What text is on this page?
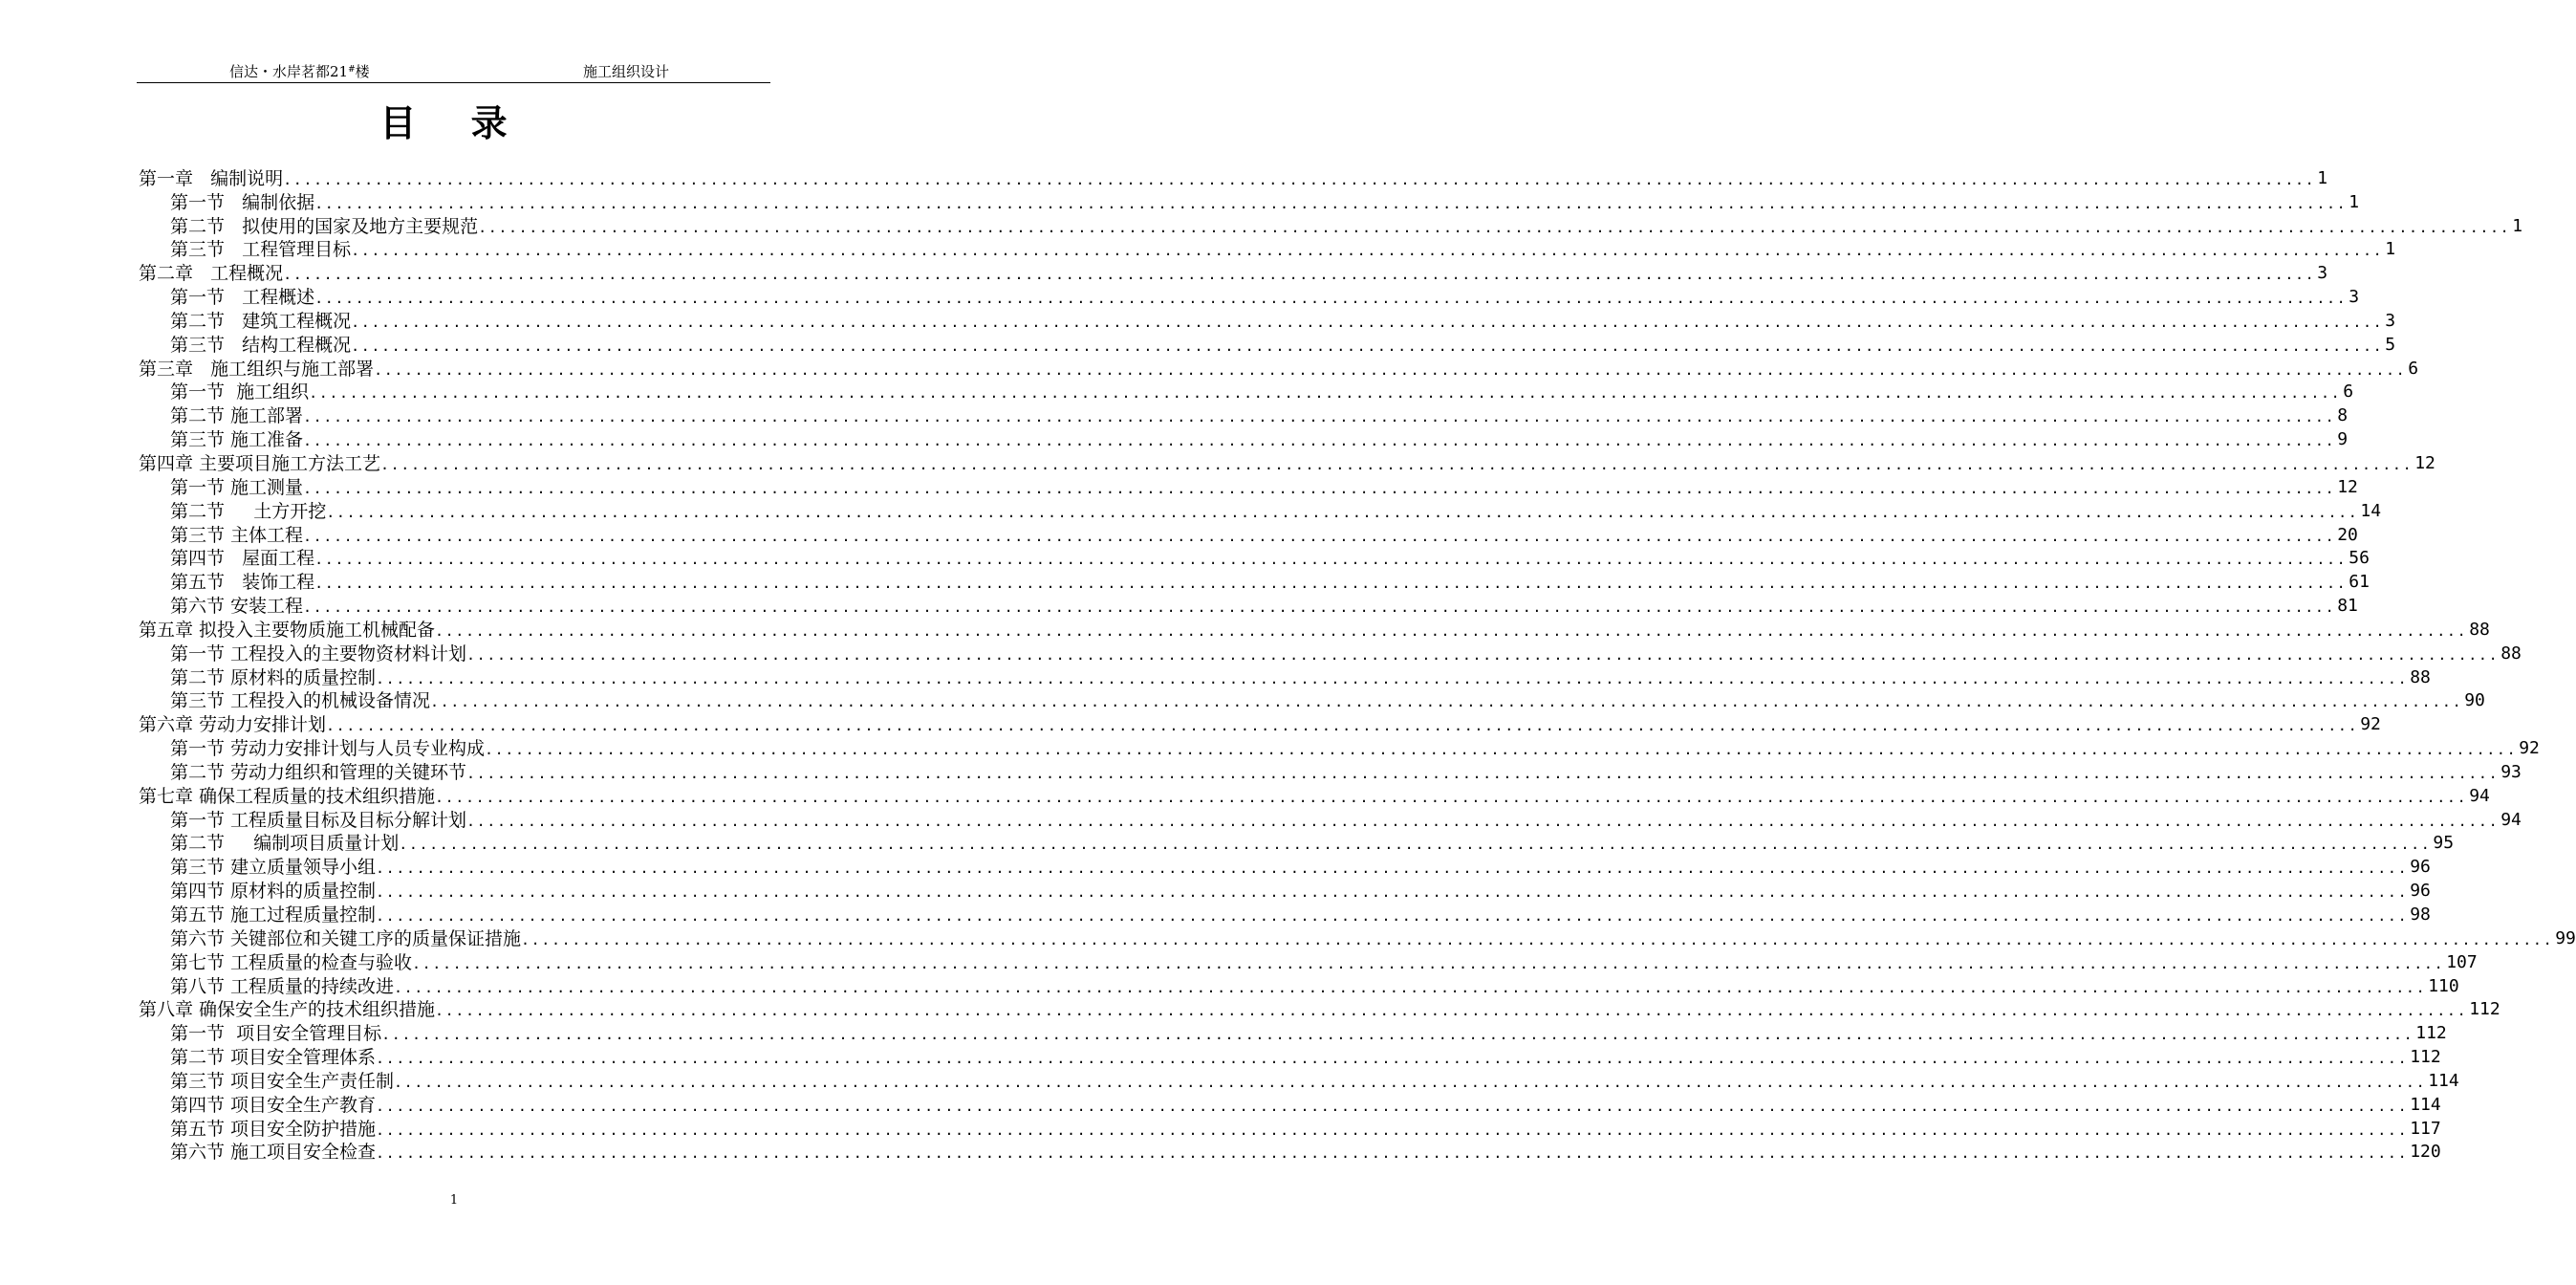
信达・水岸茗都21#楼	施工组织设计
目 录
第一章   编制说明 ........................................................................................................................................................................................................ 1
第一节   编制依据 ........................................................................................................................................................................................................ 1
第二节   拟使用的国家及地方主要规范 ........................................................................................................................................................................................................ 1
第三节   工程管理目标 ........................................................................................................................................................................................................ 1
第二章   工程概况 ........................................................................................................................................................................................................ 3
第一节   工程概述 ........................................................................................................................................................................................................ 3
第二节   建筑工程概况 ........................................................................................................................................................................................................ 3
第三节   结构工程概况 ........................................................................................................................................................................................................ 5
第三章   施工组织与施工部署 ........................................................................................................................................................................................................ 6
第一节  施工组织 ........................................................................................................................................................................................................ 6
第二节 施工部署 ........................................................................................................................................................................................................ 8
第三节 施工准备 ........................................................................................................................................................................................................ 9
第四章 主要项目施工方法工艺 ........................................................................................................................................................................................................ 12
第一节 施工测量 ........................................................................................................................................................................................................ 12
第二节     土方开挖 ........................................................................................................................................................................................................ 14
第三节 主体工程 ........................................................................................................................................................................................................ 20
第四节   屋面工程 ........................................................................................................................................................................................................ 56
第五节   装饰工程 ........................................................................................................................................................................................................ 61
第六节 安装工程 ........................................................................................................................................................................................................ 81
第五章 拟投入主要物质施工机械配备 ........................................................................................................................................................................................................ 88
第一节 工程投入的主要物资材料计划 ........................................................................................................................................................................................................ 88
第二节 原材料的质量控制 ........................................................................................................................................................................................................ 88
第三节 工程投入的机械设备情况 ........................................................................................................................................................................................................ 90
第六章 劳动力安排计划 ........................................................................................................................................................................................................ 92
第一节 劳动力安排计划与人员专业构成 ........................................................................................................................................................................................................ 92
第二节 劳动力组织和管理的关键环节 ........................................................................................................................................................................................................ 93
第七章 确保工程质量的技术组织措施 ........................................................................................................................................................................................................ 94
第一节 工程质量目标及目标分解计划 ........................................................................................................................................................................................................ 94
第二节     编制项目质量计划 ........................................................................................................................................................................................................ 95
第三节 建立质量领导小组 ........................................................................................................................................................................................................ 96
第四节 原材料的质量控制 ........................................................................................................................................................................................................ 96
第五节 施工过程质量控制 ........................................................................................................................................................................................................ 98
第六节 关键部位和关键工序的质量保证措施 ........................................................................................................................................................................................................ 99
第七节 工程质量的检查与验收 ........................................................................................................................................................................................................ 107
第八节 工程质量的持续改进 ........................................................................................................................................................................................................ 110
第八章 确保安全生产的技术组织措施 ........................................................................................................................................................................................................ 112
第一节  项目安全管理目标 ........................................................................................................................................................................................................ 112
第二节 项目安全管理体系 ........................................................................................................................................................................................................ 112
第三节 项目安全生产责任制 ........................................................................................................................................................................................................ 114
第四节 项目安全生产教育 ........................................................................................................................................................................................................ 114
第五节 项目安全防护措施 ........................................................................................................................................................................................................ 117
第六节 施工项目安全检查 ........................................................................................................................................................................................................ 120
1
